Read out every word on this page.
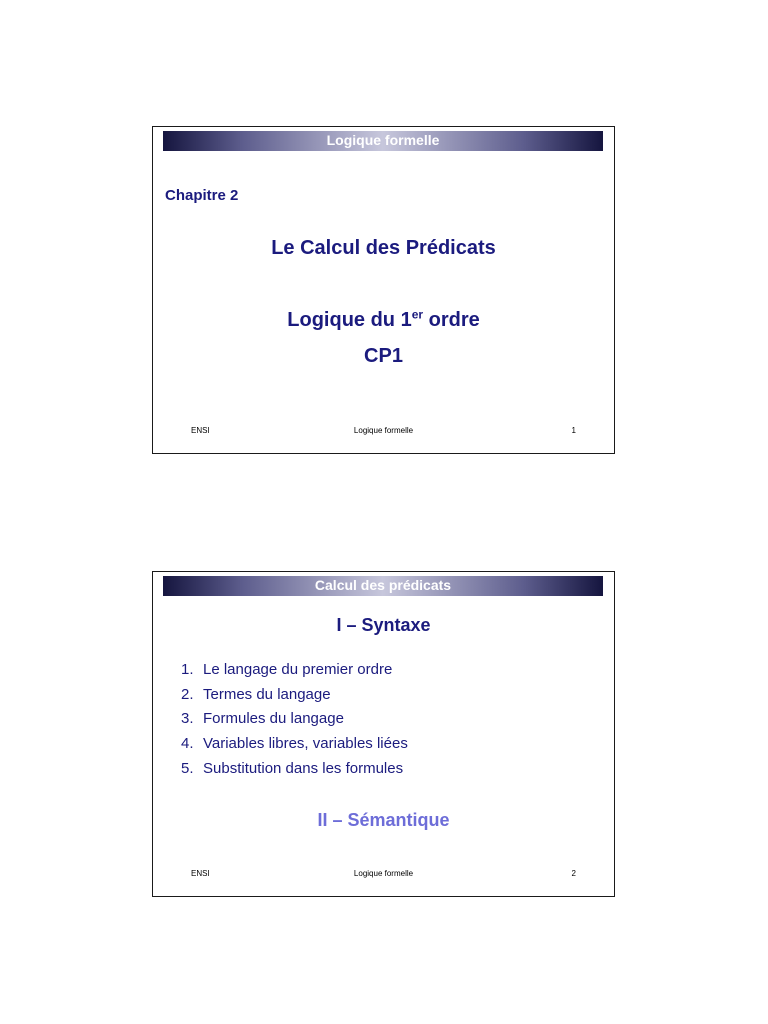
Logique formelle
Chapitre 2
Le Calcul des Prédicats
Logique du 1er ordre
CP1
ENSI	Logique formelle	1
Calcul des prédicats
I – Syntaxe
1. Le langage du premier ordre
2. Termes du langage
3. Formules du langage
4. Variables libres, variables liées
5. Substitution dans les formules
II – Sémantique
ENSI	Logique formelle	2
